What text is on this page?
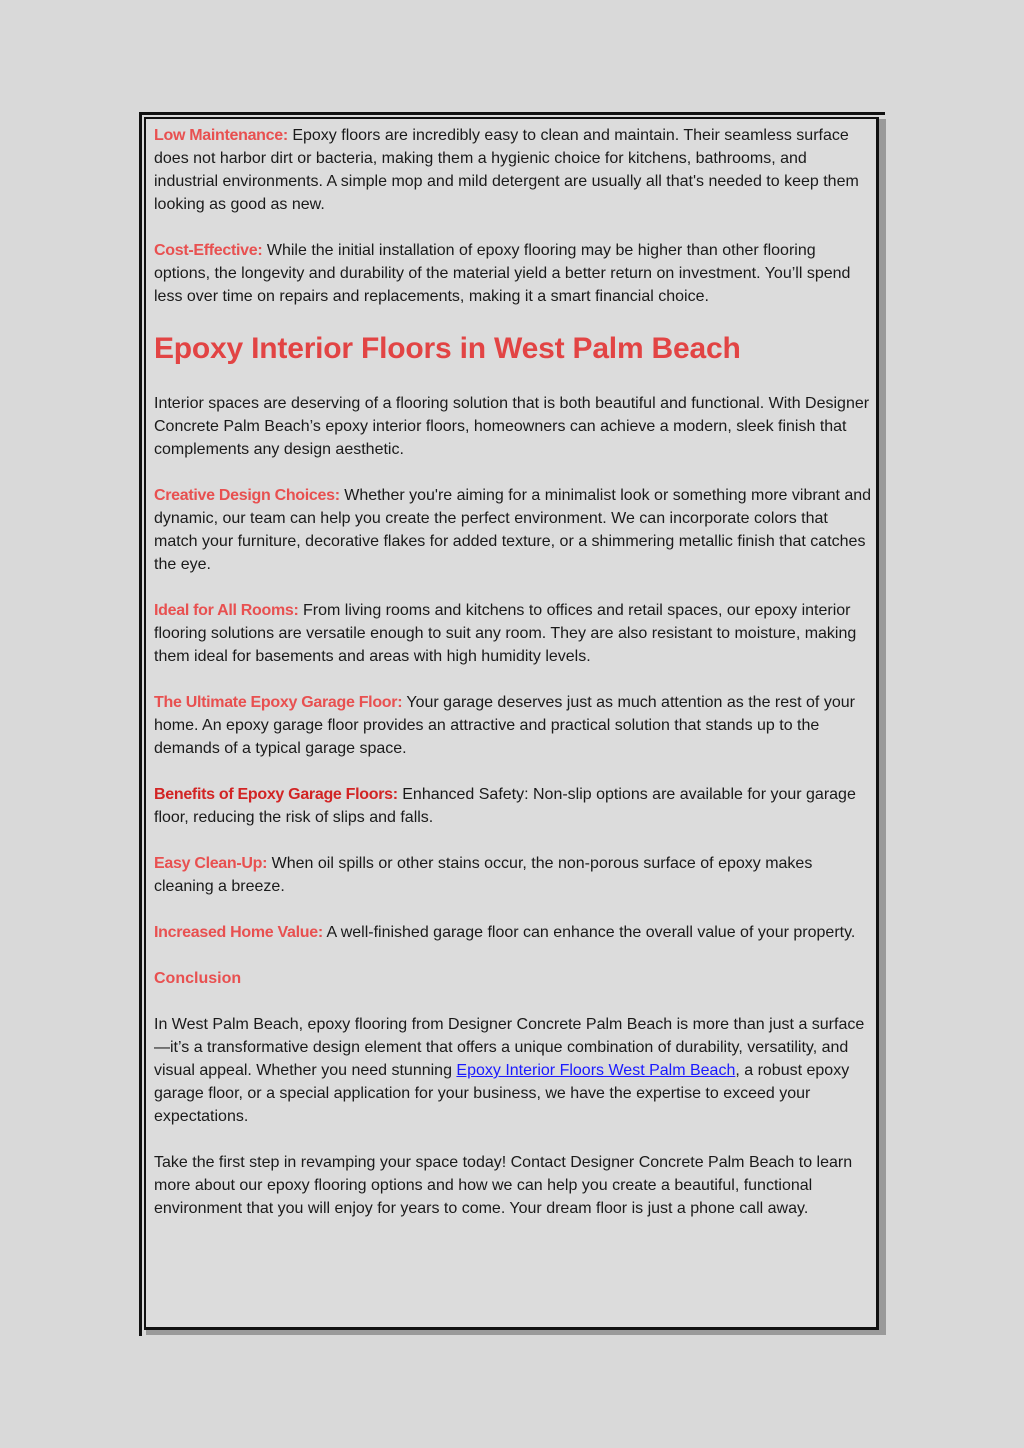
Low Maintenance: Epoxy floors are incredibly easy to clean and maintain. Their seamless surface does not harbor dirt or bacteria, making them a hygienic choice for kitchens, bathrooms, and industrial environments. A simple mop and mild detergent are usually all that's needed to keep them looking as good as new.

Cost-Effective: While the initial installation of epoxy flooring may be higher than other flooring options, the longevity and durability of the material yield a better return on investment. You’ll spend less over time on repairs and replacements, making it a smart financial choice.

Epoxy Interior Floors in West Palm Beach

Interior spaces are deserving of a flooring solution that is both beautiful and functional. With Designer Concrete Palm Beach’s epoxy interior floors, homeowners can achieve a modern, sleek finish that complements any design aesthetic.

Creative Design Choices: Whether you're aiming for a minimalist look or something more vibrant and dynamic, our team can help you create the perfect environment. We can incorporate colors that match your furniture, decorative flakes for added texture, or a shimmering metallic finish that catches the eye.

Ideal for All Rooms: From living rooms and kitchens to offices and retail spaces, our epoxy interior flooring solutions are versatile enough to suit any room. They are also resistant to moisture, making them ideal for basements and areas with high humidity levels.

The Ultimate Epoxy Garage Floor: Your garage deserves just as much attention as the rest of your home. An epoxy garage floor provides an attractive and practical solution that stands up to the demands of a typical garage space.

Benefits of Epoxy Garage Floors: Enhanced Safety: Non-slip options are available for your garage floor, reducing the risk of slips and falls.

Easy Clean-Up: When oil spills or other stains occur, the non-porous surface of epoxy makes cleaning a breeze.

Increased Home Value: A well-finished garage floor can enhance the overall value of your property.

Conclusion

In West Palm Beach, epoxy flooring from Designer Concrete Palm Beach is more than just a surface—it’s a transformative design element that offers a unique combination of durability, versatility, and visual appeal. Whether you need stunning Epoxy Interior Floors West Palm Beach, a robust epoxy garage floor, or a special application for your business, we have the expertise to exceed your expectations.

Take the first step in revamping your space today! Contact Designer Concrete Palm Beach to learn more about our epoxy flooring options and how we can help you create a beautiful, functional environment that you will enjoy for years to come. Your dream floor is just a phone call away.
